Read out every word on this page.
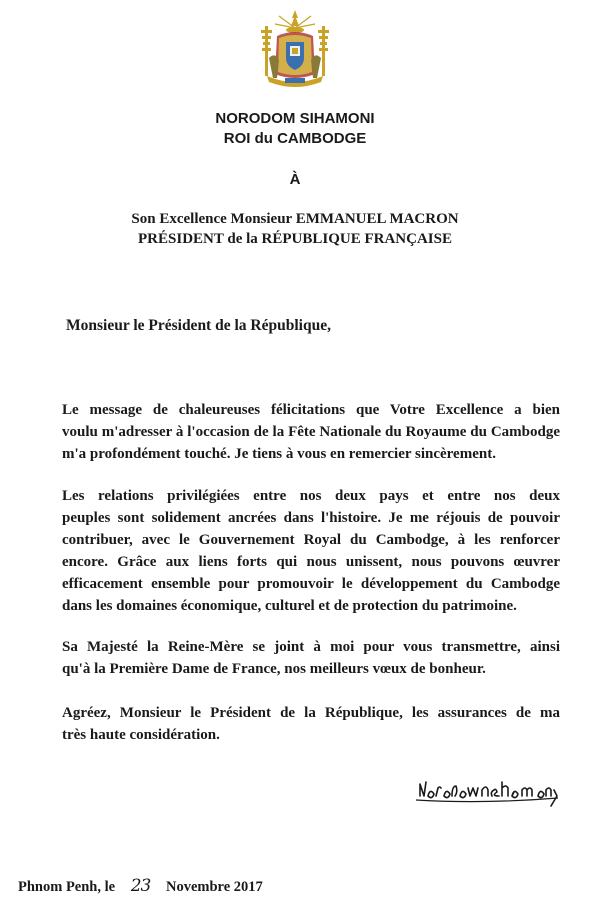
NORODOM SIHAMONI
ROI du CAMBODGE
À
Son Excellence Monsieur EMMANUEL MACRON
PRÉSIDENT de la RÉPUBLIQUE FRANÇAISE
Monsieur le Président de la République,
Le message de chaleureuses félicitations que Votre Excellence a bien
voulu m'adresser à l'occasion de la Fête Nationale du Royaume du Cambodge
m'a profondément touché. Je tiens à vous en remercier sincèrement.
Les relations privilégiées entre nos deux pays et entre nos deux
peuples sont solidement ancrées dans l'histoire. Je me réjouis de pouvoir
contribuer, avec le Gouvernement Royal du Cambodge, à les renforcer
encore. Grâce aux liens forts qui nous unissent, nous pouvons œuvrer
efficacement ensemble pour promouvoir le développement du Cambodge
dans les domaines économique, culturel et de protection du patrimoine.
Sa Majesté la Reine-Mère se joint à moi pour vous transmettre, ainsi
qu'à la Première Dame de France, nos meilleurs vœux de bonheur.
Agréez, Monsieur le Président de la République, les assurances de ma
très haute considération.
Phnom Penh, le 23 Novembre 2017
